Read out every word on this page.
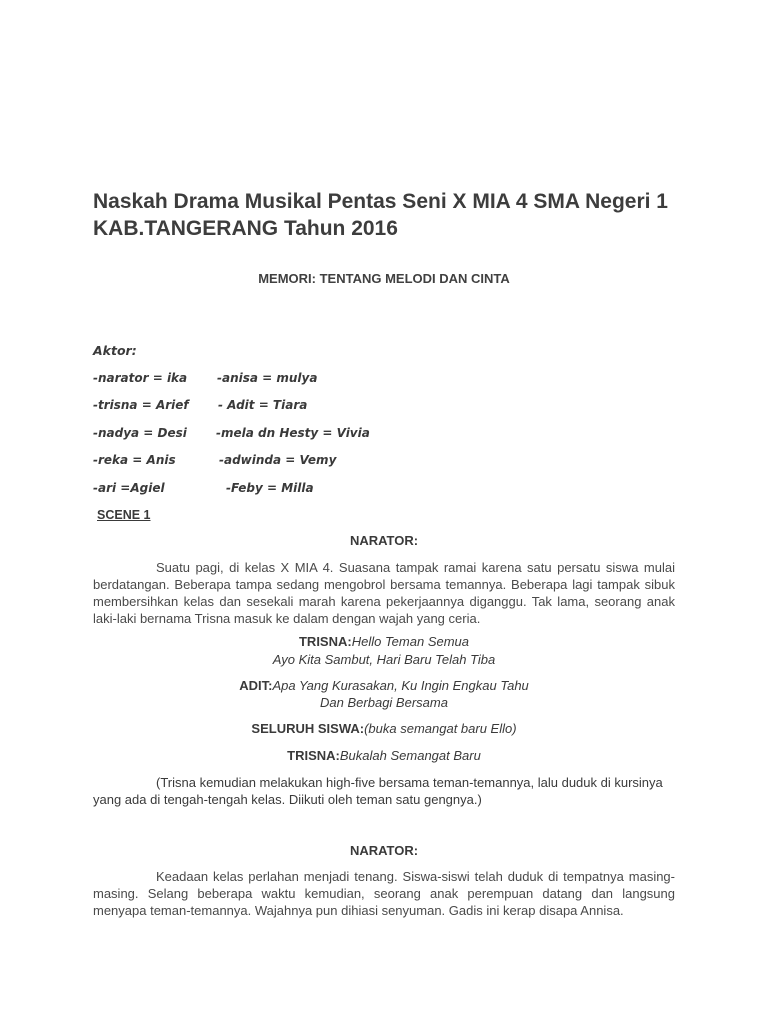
Naskah Drama Musikal Pentas Seni X MIA 4 SMA Negeri 1 KAB.TANGERANG Tahun 2016

MEMORI: TENTANG MELODI DAN CINTA

Aktor:
-narator = ika -anisa = mulya
-trisna = Arief - Adit = Tiara
-nadya = Desi -mela dn Hesty = Vivia
-reka = Anis	-adwinda = Vemy
-ari =Agiel	-Feby = Milla

SCENE 1

NARATOR:

Suatu pagi, di kelas X MIA 4. Suasana tampak ramai karena satu persatu siswa mulai berdatangan. Beberapa tampa sedang mengobrol bersama temannya. Beberapa lagi tampak sibuk membersihkan kelas dan sesekali marah karena pekerjaannya diganggu. Tak lama, seorang anak laki-laki bernama Trisna masuk ke dalam dengan wajah yang ceria.

TRISNA:Hello Teman Semua

Ayo Kita Sambut, Hari Baru Telah Tiba

ADIT:Apa Yang Kurasakan, Ku Ingin Engkau Tahu

Dan Berbagi Bersama

SELURUH SISWA:(buka semangat baru Ello)

TRISNA:Bukalah Semangat Baru

(Trisna kemudian melakukan high-five bersama teman-temannya, lalu duduk di kursinya yang ada di tengah-tengah kelas. Diikuti oleh teman satu gengnya.)

NARATOR:

Keadaan kelas perlahan menjadi tenang. Siswa-siswi telah duduk di tempatnya masing-masing. Selang beberapa waktu kemudian, seorang anak perempuan datang dan langsung menyapa teman-temannya. Wajahnya pun dihiasi senyuman. Gadis ini kerap disapa Annisa.
